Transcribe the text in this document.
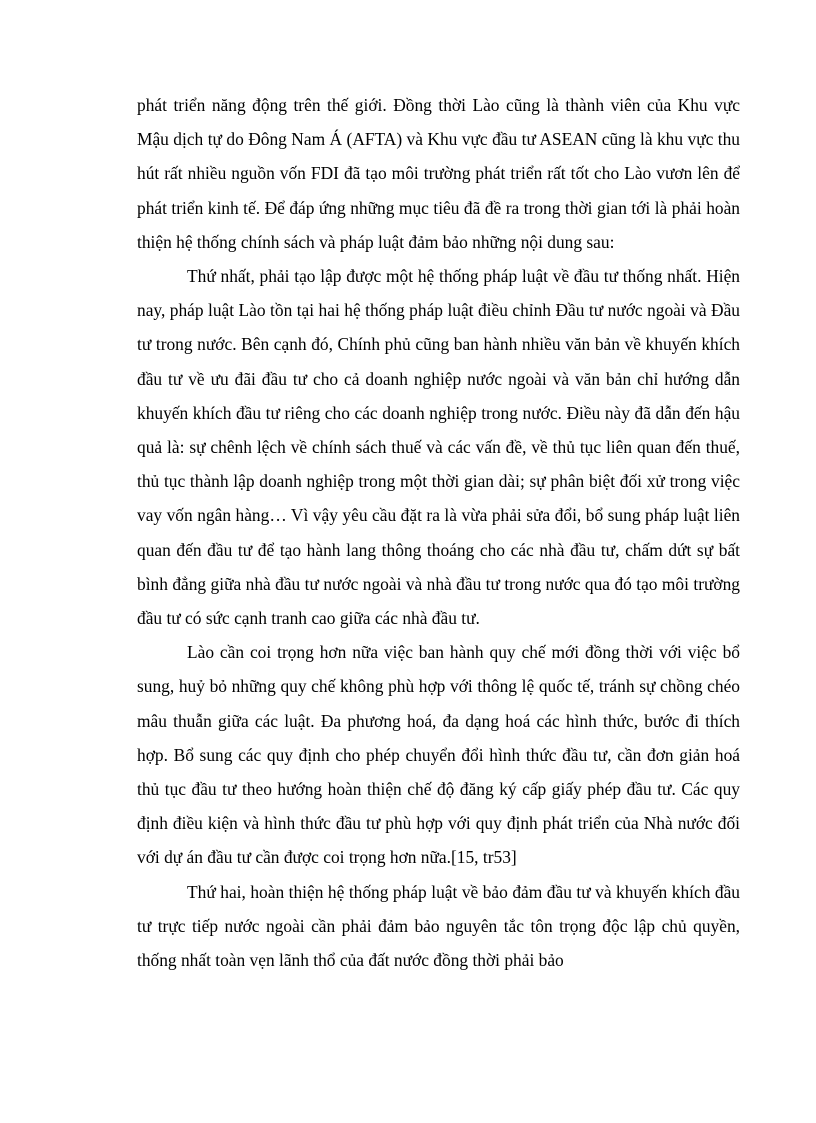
phát triển năng động trên thế giới. Đồng thời Lào cũng là thành viên của Khu vực Mậu dịch tự do Đông Nam Á (AFTA) và Khu vực đầu tư ASEAN cũng là khu vực thu hút rất nhiều nguồn vốn FDI đã tạo môi trường phát triển rất tốt cho Lào vươn lên để phát triển kinh tế. Để đáp ứng những mục tiêu đã đề ra trong thời gian tới là phải hoàn thiện hệ thống chính sách và pháp luật đảm bảo những nội dung sau:

Thứ nhất, phải tạo lập được một hệ thống pháp luật về đầu tư thống nhất. Hiện nay, pháp luật Lào tồn tại hai hệ thống pháp luật điều chỉnh Đầu tư nước ngoài và Đầu tư trong nước. Bên cạnh đó, Chính phủ cũng ban hành nhiều văn bản về khuyến khích đầu tư về ưu đãi đầu tư cho cả doanh nghiệp nước ngoài và văn bản chỉ hướng dẫn khuyến khích đầu tư riêng cho các doanh nghiệp trong nước. Điều này đã dẫn đến hậu quả là: sự chênh lệch về chính sách thuế và các vấn đề, về thủ tục liên quan đến thuế, thủ tục thành lập doanh nghiệp trong một thời gian dài; sự phân biệt đối xử trong việc vay vốn ngân hàng… Vì vậy yêu cầu đặt ra là vừa phải sửa đổi, bổ sung pháp luật liên quan đến đầu tư để tạo hành lang thông thoáng cho các nhà đầu tư, chấm dứt sự bất bình đẳng giữa nhà đầu tư nước ngoài và nhà đầu tư trong nước qua đó tạo môi trường đầu tư có sức cạnh tranh cao giữa các nhà đầu tư.

Lào cần coi trọng hơn nữa việc ban hành quy chế mới đồng thời với việc bổ sung, huỷ bỏ những quy chế không phù hợp với thông lệ quốc tế, tránh sự chồng chéo mâu thuẫn giữa các luật. Đa phương hoá, đa dạng hoá các hình thức, bước đi thích hợp. Bổ sung các quy định cho phép chuyển đổi hình thức đầu tư, cần đơn giản hoá thủ tục đầu tư theo hướng hoàn thiện chế độ đăng ký cấp giấy phép đầu tư. Các quy định điều kiện và hình thức đầu tư phù hợp với quy định phát triển của Nhà nước đối với dự án đầu tư cần được coi trọng hơn nữa.[15, tr53]

Thứ hai, hoàn thiện hệ thống pháp luật về bảo đảm đầu tư và khuyến khích đầu tư trực tiếp nước ngoài cần phải đảm bảo nguyên tắc tôn trọng độc lập chủ quyền, thống nhất toàn vẹn lãnh thổ của đất nước đồng thời phải bảo
